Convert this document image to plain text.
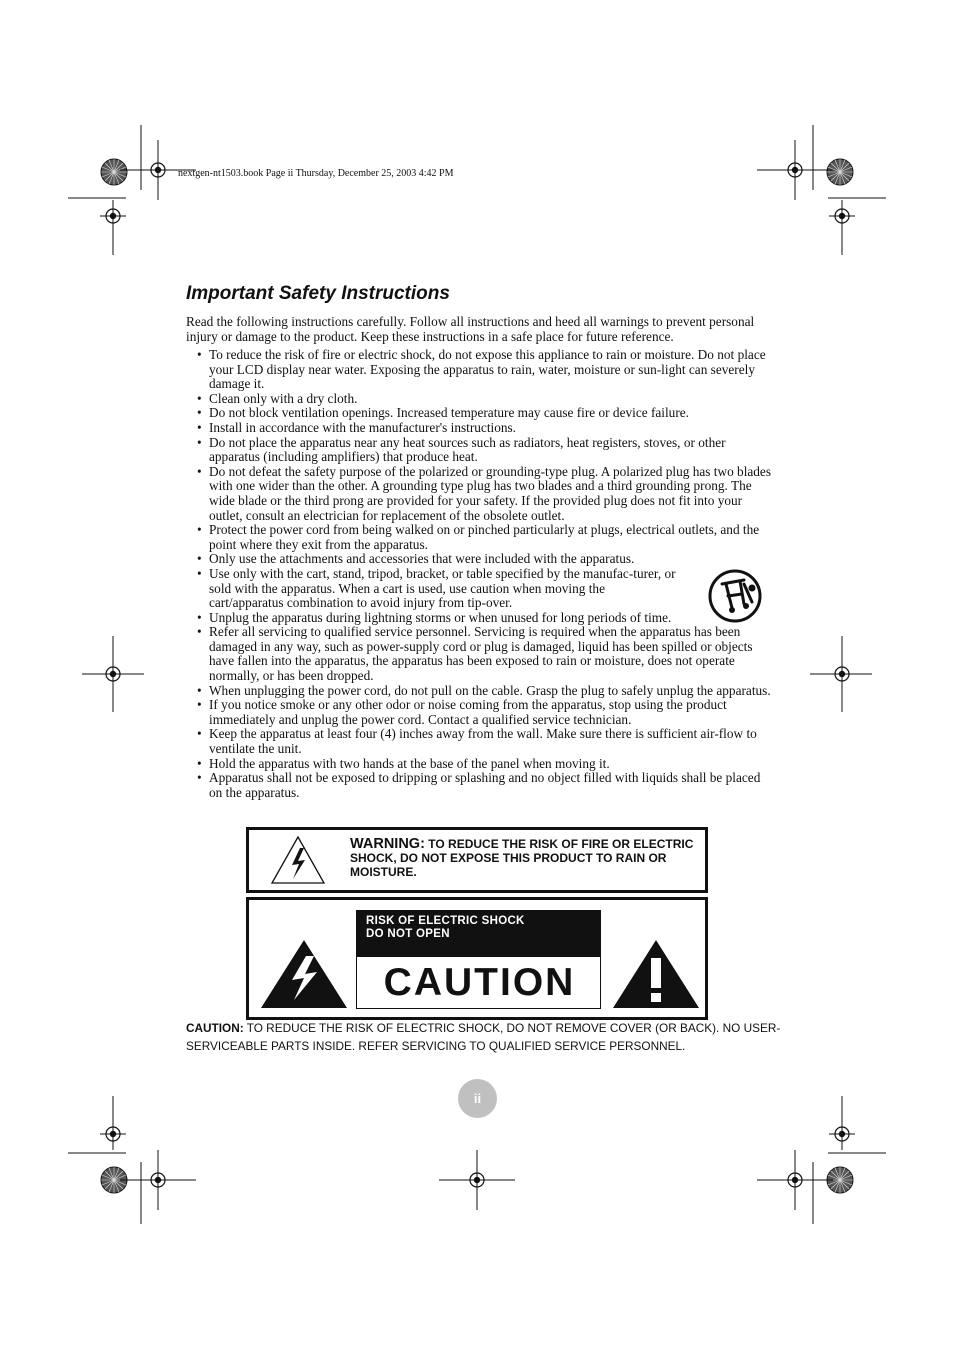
nextgen-nt1503.book Page ii Thursday, December 25, 2003 4:42 PM
Important Safety Instructions
Read the following instructions carefully. Follow all instructions and heed all warnings to prevent personal injury or damage to the product. Keep these instructions in a safe place for future reference.
• To reduce the risk of fire or electric shock, do not expose this appliance to rain or moisture. Do not place your LCD display near water. Exposing the apparatus to rain, water, moisture or sun-light can severely damage it.
• Clean only with a dry cloth.
• Do not block ventilation openings. Increased temperature may cause fire or device failure.
• Install in accordance with the manufacturer's instructions.
• Do not place the apparatus near any heat sources such as radiators, heat registers, stoves, or other apparatus (including amplifiers) that produce heat.
• Do not defeat the safety purpose of the polarized or grounding-type plug. A polarized plug has two blades with one wider than the other. A grounding type plug has two blades and a third grounding prong. The wide blade or the third prong are provided for your safety. If the provided plug does not fit into your outlet, consult an electrician for replacement of the obsolete outlet.
• Protect the power cord from being walked on or pinched particularly at plugs, electrical outlets, and the point where they exit from the apparatus.
• Only use the attachments and accessories that were included with the apparatus.
• Use only with the cart, stand, tripod, bracket, or table specified by the manufac-turer, or sold with the apparatus. When a cart is used, use caution when moving the cart/apparatus combination to avoid injury from tip-over.
• Unplug the apparatus during lightning storms or when unused for long periods of time.
• Refer all servicing to qualified service personnel. Servicing is required when the apparatus has been damaged in any way, such as power-supply cord or plug is damaged, liquid has been spilled or objects have fallen into the apparatus, the apparatus has been exposed to rain or moisture, does not operate normally, or has been dropped.
• When unplugging the power cord, do not pull on the cable. Grasp the plug to safely unplug the apparatus.
• If you notice smoke or any other odor or noise coming from the apparatus, stop using the product immediately and unplug the power cord. Contact a qualified service technician.
• Keep the apparatus at least four (4) inches away from the wall. Make sure there is sufficient air-flow to ventilate the unit.
• Hold the apparatus with two hands at the base of the panel when moving it.
• Apparatus shall not be exposed to dripping or splashing and no object filled with liquids shall be placed on the apparatus.
WARNING: TO REDUCE THE RISK OF FIRE OR ELECTRIC SHOCK, DO NOT EXPOSE THIS PRODUCT TO RAIN OR MOISTURE.
RISK OF ELECTRIC SHOCK
DO NOT OPEN
CAUTION
CAUTION: TO REDUCE THE RISK OF ELECTRIC SHOCK, DO NOT REMOVE COVER (OR BACK). NO USER-SERVICEABLE PARTS INSIDE. REFER SERVICING TO QUALIFIED SERVICE PERSONNEL.
ii
